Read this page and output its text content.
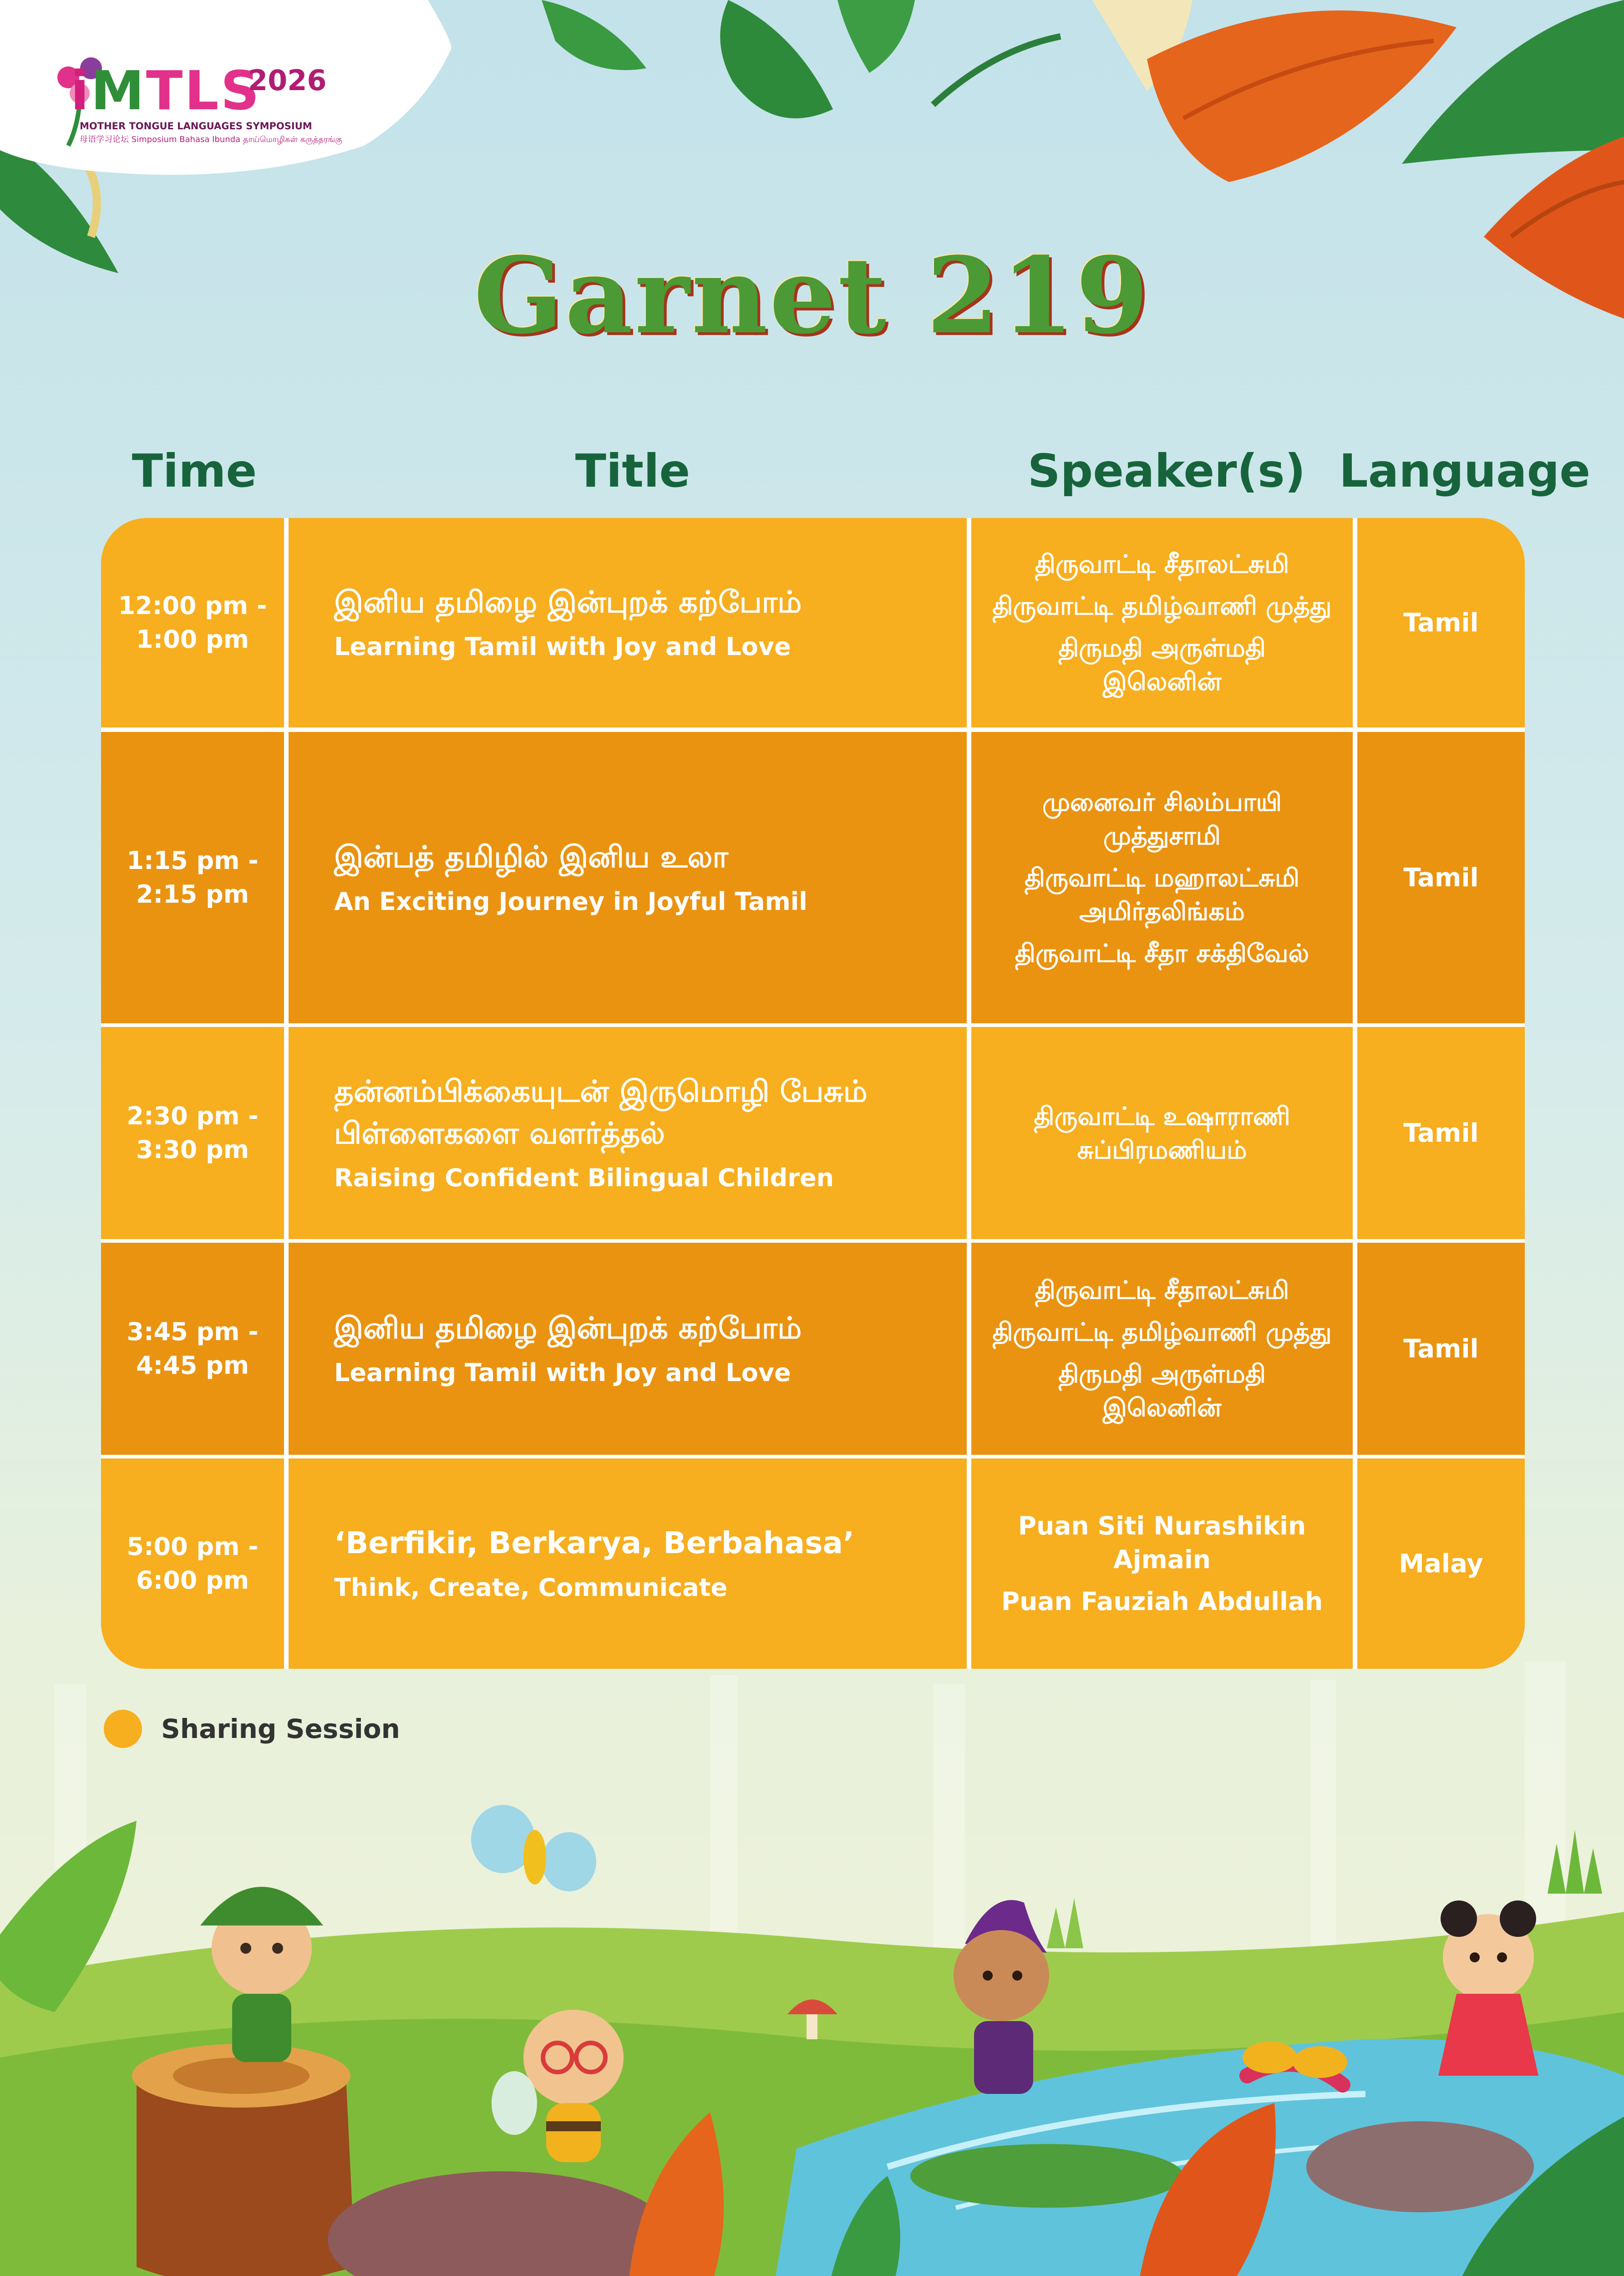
iMTLS
2026
MOTHER TONGUE LANGUAGES SYMPOSIUM
母语学习论坛 Simposium Bahasa Ibunda தாய்மொழிகள் கருத்தரங்கு
Garnet 219
Time	Title	Speaker(s) Language
12:00 pm -
1:00 pm
இனிய தமிழை இன்புறக் கற்போம்
Learning Tamil with Joy and Love
திருவாட்டி சீதாலட்சுமி
திருவாட்டி தமிழ்வாணி முத்து
திருமதி அருள்மதி
இலெனின்
Tamil
1:15 pm -
2:15 pm
இன்பத் தமிழில் இனிய உலா
An Exciting Journey in Joyful Tamil
முனைவர் சிலம்பாயி
முத்துசாமி
திருவாட்டி மஹாலட்சுமி
அமிர்தலிங்கம்
திருவாட்டி சீதா சக்திவேல்
Tamil
2:30 pm -
3:30 pm
தன்னம்பிக்கையுடன் இருமொழி பேசும்
பிள்ளைகளை வளர்த்தல்
Raising Confident Bilingual Children
திருவாட்டி உஷாராணி
சுப்பிரமணியம்
Tamil
3:45 pm -
4:45 pm
இனிய தமிழை இன்புறக் கற்போம்
Learning Tamil with Joy and Love
திருவாட்டி சீதாலட்சுமி
திருவாட்டி தமிழ்வாணி முத்து
திருமதி அருள்மதி
இலெனின்
Tamil
5:00 pm -
6:00 pm
‘Berfikir, Berkarya, Berbahasa’
Think, Create, Communicate
Puan Siti Nurashikin
Ajmain
Puan Fauziah Abdullah
Malay
Sharing Session
